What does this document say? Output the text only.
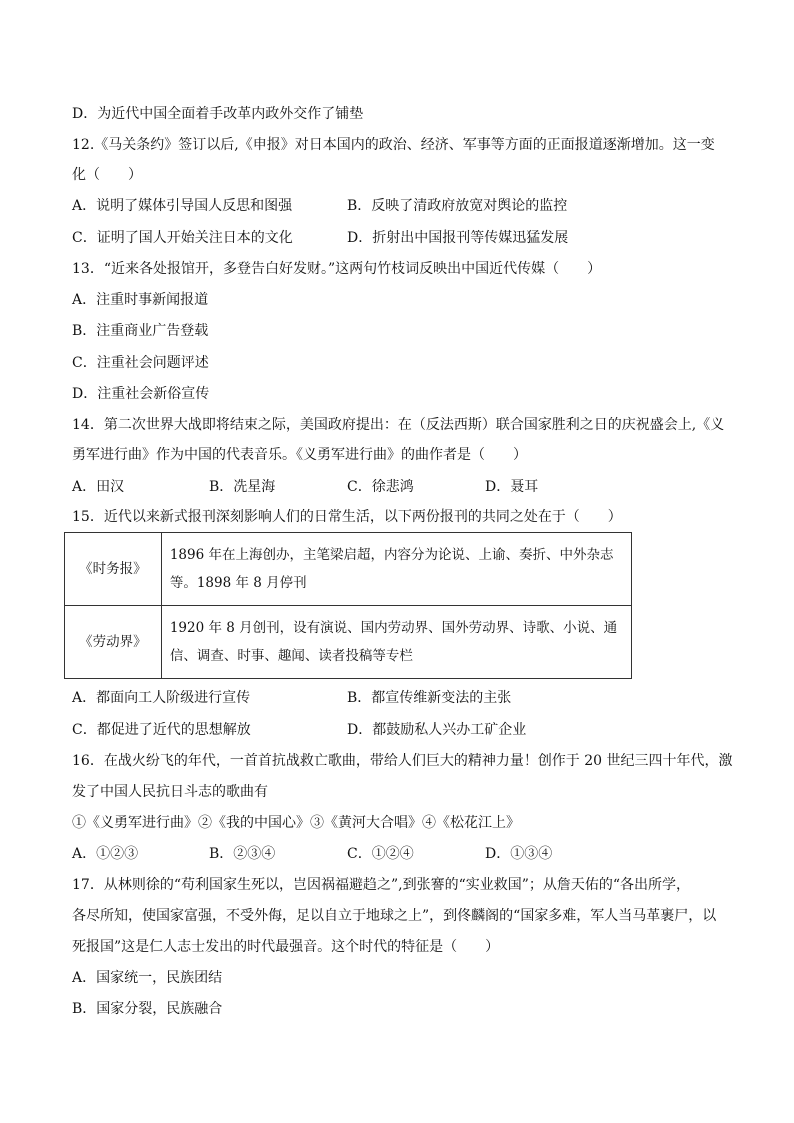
D．为近代中国全面着手改革内政外交作了铺垫
12.《马关条约》签订以后,《申报》对日本国内的政治、经济、军事等方面的正面报道逐渐增加。这一变
化（　　）
A．说明了媒体引导国人反思和图强	B．反映了清政府放宽对舆论的监控
C．证明了国人开始关注日本的文化	D．折射出中国报刊等传媒迅猛发展
13．“近来各处报馆开，多登告白好发财。”这两句竹枝词反映出中国近代传媒（　　）
A．注重时事新闻报道
B．注重商业广告登载
C．注重社会问题评述
D．注重社会新俗宣传
14．第二次世界大战即将结束之际，美国政府提出：在（反法西斯）联合国家胜利之日的庆祝盛会上,《义
勇军进行曲》作为中国的代表音乐。《义勇军进行曲》的曲作者是（　　）
A．田汉	B．冼星海	C．徐悲鸿	D．聂耳
15．近代以来新式报刊深刻影响人们的日常生活，以下两份报刊的共同之处在于（　　）
《时务报》	1896 年在上海创办，主笔梁启超，内容分为论说、上谕、奏折、中外杂志等。1898 年 8 月停刊
《劳动界》	1920 年 8 月创刊，设有演说、国内劳动界、国外劳动界、诗歌、小说、通信、调查、时事、趣闻、读者投稿等专栏
A．都面向工人阶级进行宣传	B．都宣传维新变法的主张
C．都促进了近代的思想解放	D．都鼓励私人兴办工矿企业
16．在战火纷飞的年代，一首首抗战救亡歌曲，带给人们巨大的精神力量！创作于 20 世纪三四十年代，激
发了中国人民抗日斗志的歌曲有
①《义勇军进行曲》②《我的中国心》③《黄河大合唱》④《松花江上》
A．①②③	B．②③④	C．①②④	D．①③④
17．从林则徐的“苟利国家生死以，岂因祸福避趋之”,到张謇的“实业救国”；从詹天佑的“各出所学，
各尽所知，使国家富强，不受外侮，足以自立于地球之上”，到佟麟阁的“国家多难，军人当马革裹尸，以
死报国”这是仁人志士发出的时代最强音。这个时代的特征是（　　）
A．国家统一，民族团结
B．国家分裂，民族融合
